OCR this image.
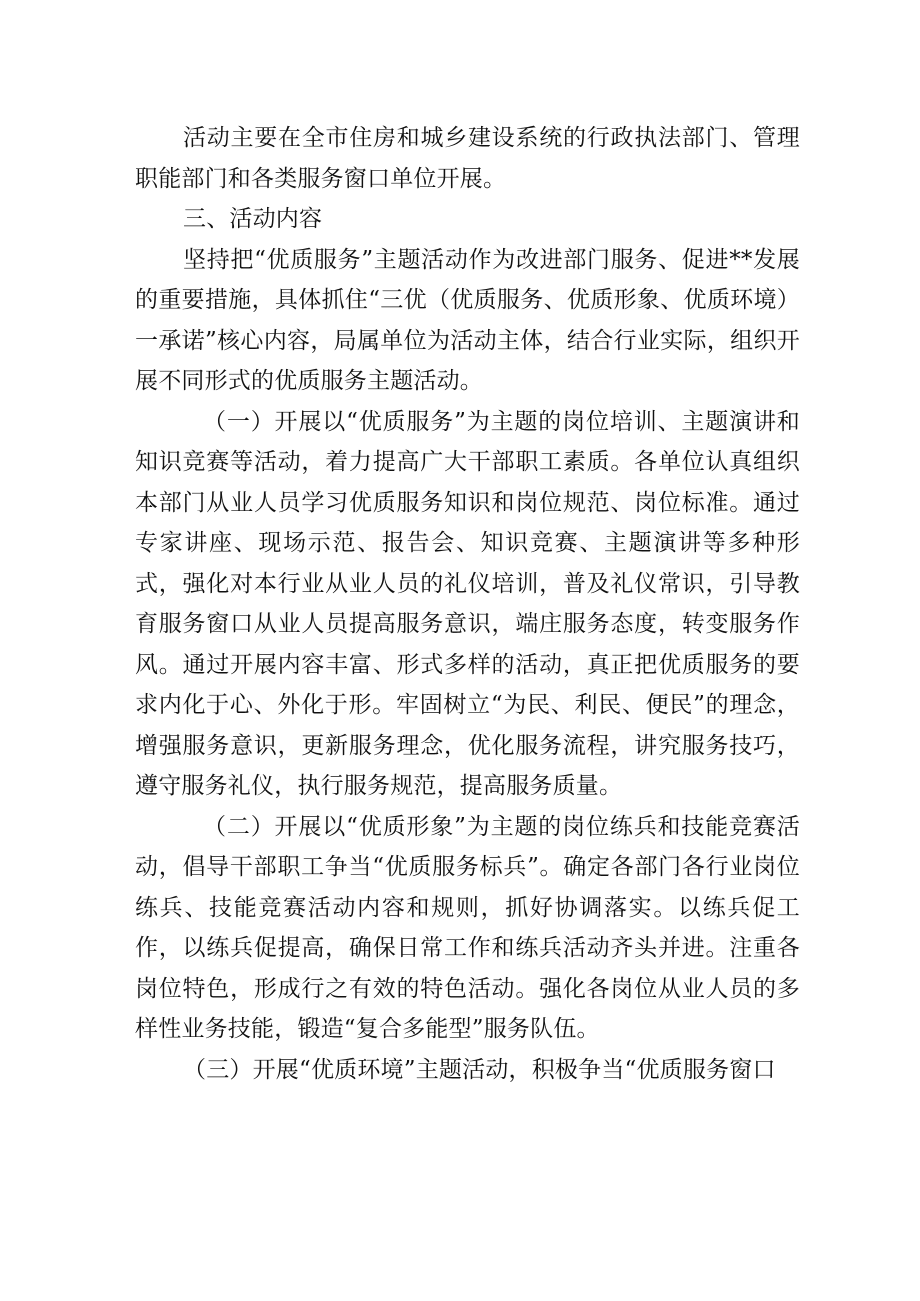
活动主要在全市住房和城乡建设系统的行政执法部门、管理职能部门和各类服务窗口单位开展。

三、活动内容

坚持把“优质服务”主题活动作为改进部门服务、促进**发展的重要措施，具体抓住“三优（优质服务、优质形象、优质环境）一承诺”核心内容，局属单位为活动主体，结合行业实际，组织开展不同形式的优质服务主题活动。

（一）开展以“优质服务”为主题的岗位培训、主题演讲和知识竞赛等活动，着力提高广大干部职工素质。各单位认真组织本部门从业人员学习优质服务知识和岗位规范、岗位标准。通过专家讲座、现场示范、报告会、知识竞赛、主题演讲等多种形式，强化对本行业从业人员的礼仪培训，普及礼仪常识，引导教育服务窗口从业人员提高服务意识，端庄服务态度，转变服务作风。通过开展内容丰富、形式多样的活动，真正把优质服务的要求内化于心、外化于形。牢固树立“为民、利民、便民”的理念，增强服务意识，更新服务理念，优化服务流程，讲究服务技巧，遵守服务礼仪，执行服务规范，提高服务质量。

（二）开展以“优质形象”为主题的岗位练兵和技能竞赛活动，倡导干部职工争当“优质服务标兵”。确定各部门各行业岗位练兵、技能竞赛活动内容和规则，抓好协调落实。以练兵促工作，以练兵促提高，确保日常工作和练兵活动齐头并进。注重各岗位特色，形成行之有效的特色活动。强化各岗位从业人员的多样性业务技能，锻造“复合多能型”服务队伍。

（三）开展“优质环境”主题活动，积极争当“优质服务窗口
